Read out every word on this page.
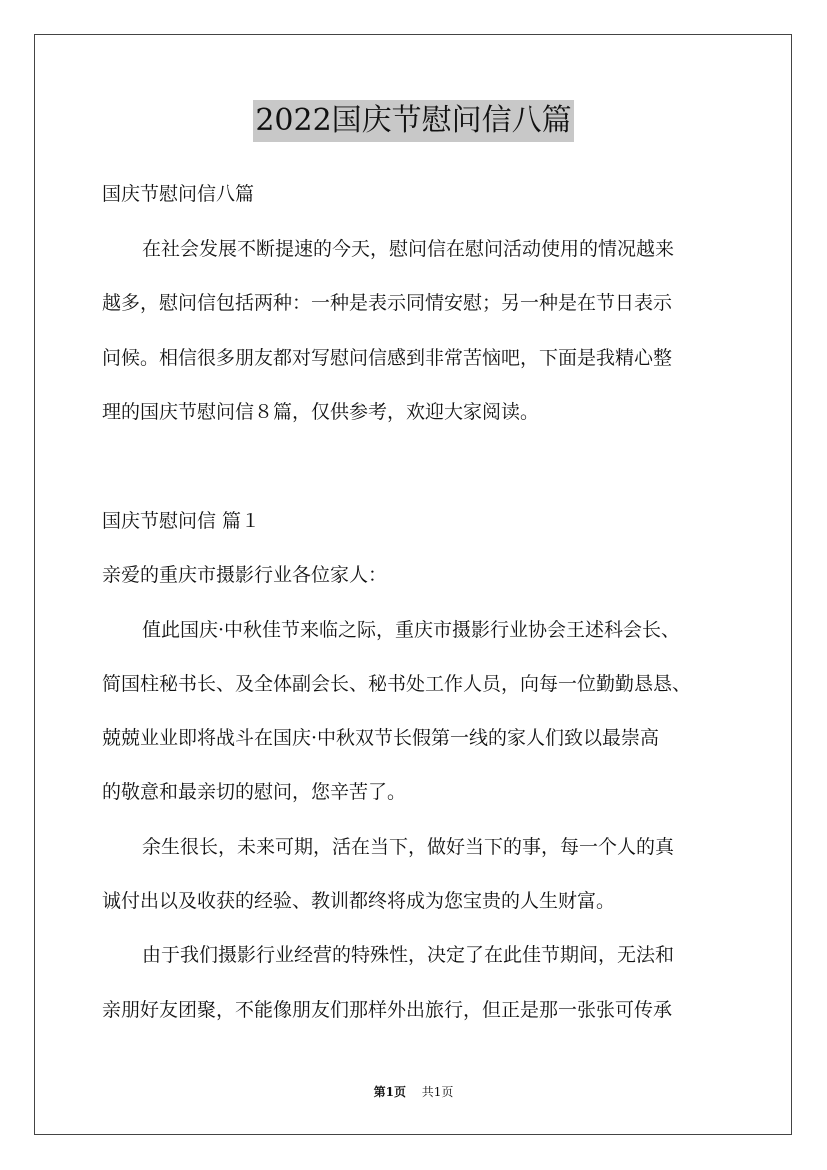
2022国庆节慰问信八篇
国庆节慰问信八篇
在社会发展不断提速的今天，慰问信在慰问活动使用的情况越来
越多，慰问信包括两种：一种是表示同情安慰；另一种是在节日表示
问候。相信很多朋友都对写慰问信感到非常苦恼吧，下面是我精心整
理的国庆节慰问信８篇，仅供参考，欢迎大家阅读。
国庆节慰问信 篇１
亲爱的重庆市摄影行业各位家人：
值此国庆·中秋佳节来临之际，重庆市摄影行业协会王述科会长、
简国柱秘书长、及全体副会长、秘书处工作人员，向每一位勤勤恳恳、
兢兢业业即将战斗在国庆·中秋双节长假第一线的家人们致以最崇高
的敬意和最亲切的慰问，您辛苦了。
余生很长，未来可期，活在当下，做好当下的事，每一个人的真
诚付出以及收获的经验、教训都终将成为您宝贵的人生财富。
由于我们摄影行业经营的特殊性，决定了在此佳节期间，无法和
亲朋好友团聚，不能像朋友们那样外出旅行，但正是那一张张可传承
第1页 共1页
